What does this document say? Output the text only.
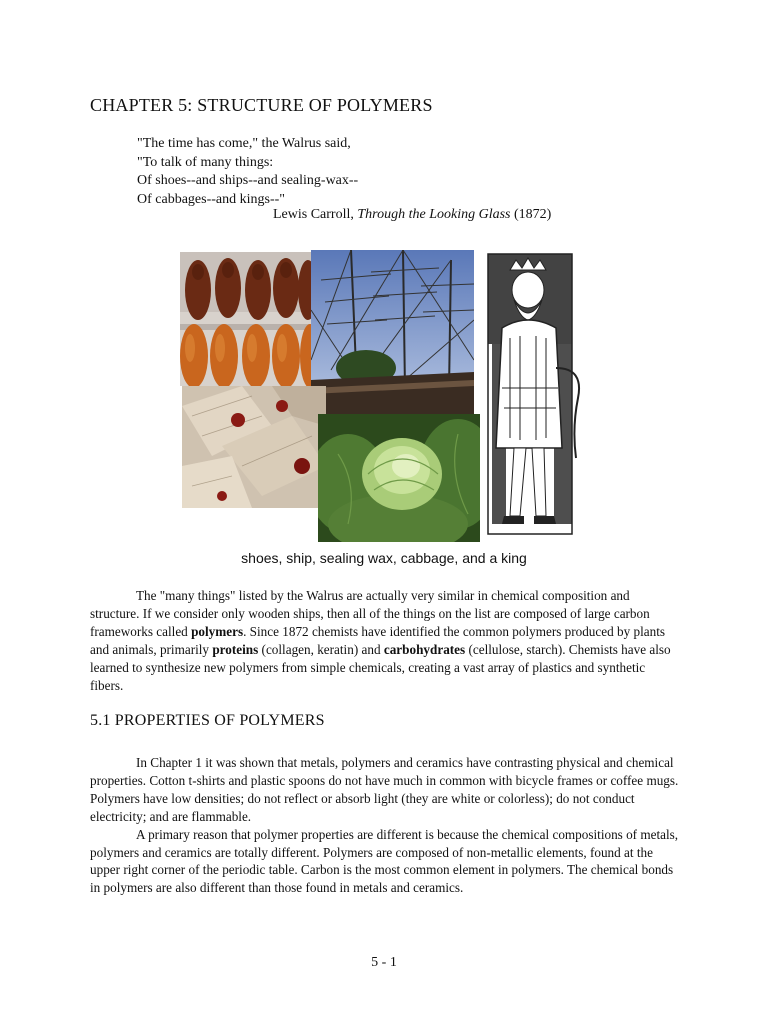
CHAPTER 5: STRUCTURE OF POLYMERS
"The time has come," the Walrus said,
"To talk of many things:
Of shoes--and ships--and sealing-wax--
Of cabbages--and kings--"
Lewis Carroll, Through the Looking Glass (1872)
shoes, ship, sealing wax, cabbage, and a king

The "many things" listed by the Walrus are actually very similar in chemical composition and structure. If we consider only wooden ships, then all of the things on the list are composed of large carbon frameworks called polymers. Since 1872 chemists have identified the common polymers produced by plants and animals, primarily proteins (collagen, keratin) and carbohydrates (cellulose, starch). Chemists have also learned to synthesize new polymers from simple chemicals, creating a vast array of plastics and synthetic fibers.

5.1 PROPERTIES OF POLYMERS

In Chapter 1 it was shown that metals, polymers and ceramics have contrasting physical and chemical properties. Cotton t-shirts and plastic spoons do not have much in common with bicycle frames or coffee mugs. Polymers have low densities; do not reflect or absorb light (they are white or colorless); do not conduct electricity; and are flammable.

A primary reason that polymer properties are different is because the chemical compositions of metals, polymers and ceramics are totally different. Polymers are composed of non-metallic elements, found at the upper right corner of the periodic table. Carbon is the most common element in polymers. The chemical bonds in polymers are also different than those found in metals and ceramics.

5 - 1
